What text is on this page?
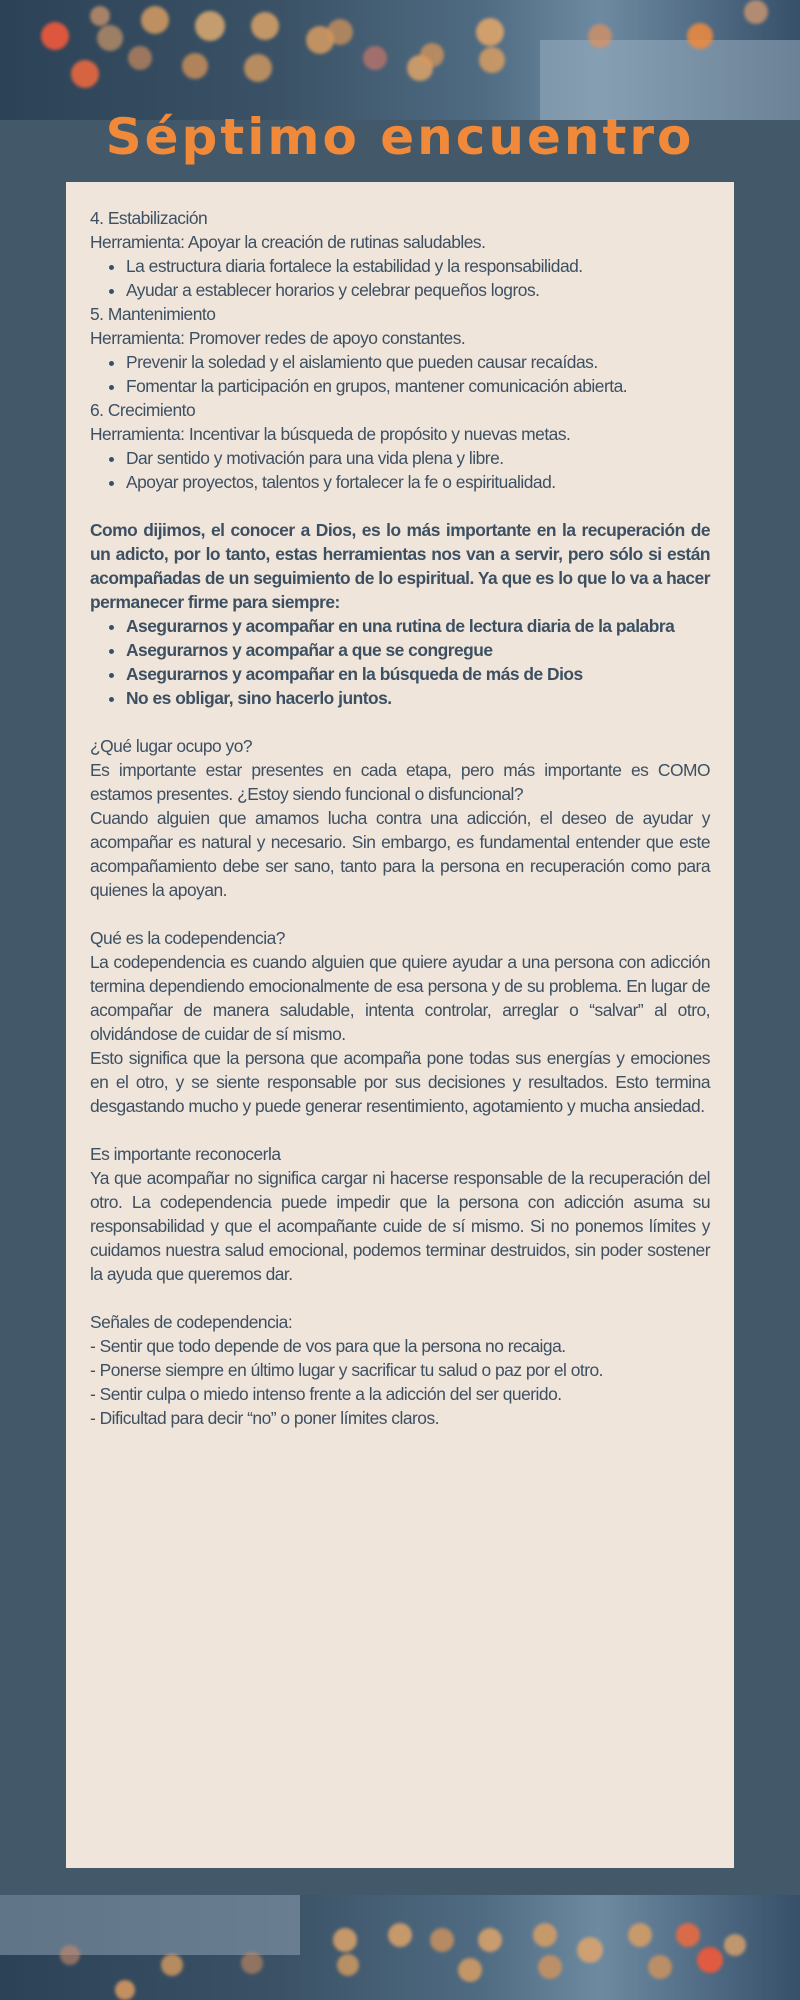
Séptimo encuentro

4. Estabilización

Herramienta: Apoyar la creación de rutinas saludables.

• La estructura diaria fortalece la estabilidad y la responsabilidad.
• Ayudar a establecer horarios y celebrar pequeños logros.

5. Mantenimiento

Herramienta: Promover redes de apoyo constantes.

• Prevenir la soledad y el aislamiento que pueden causar recaídas.
• Fomentar la participación en grupos, mantener comunicación abierta.

6. Crecimiento

Herramienta: Incentivar la búsqueda de propósito y nuevas metas.

• Dar sentido y motivación para una vida plena y libre.
• Apoyar proyectos, talentos y fortalecer la fe o espiritualidad.

Como dijimos, el conocer a Dios, es lo más importante en la recuperación de un adicto, por lo tanto, estas herramientas nos van a servir, pero sólo si están acompañadas de un seguimiento de lo espiritual. Ya que es lo que lo va a hacer permanecer firme para siempre:

• Asegurarnos y acompañar en una rutina de lectura diaria de la palabra
• Asegurarnos y acompañar a que se congregue
• Asegurarnos y acompañar en la búsqueda de más de Dios
• No es obligar, sino hacerlo juntos.

¿Qué lugar ocupo yo?

Es importante estar presentes en cada etapa, pero más importante es COMO estamos presentes. ¿Estoy siendo funcional o disfuncional?

Cuando alguien que amamos lucha contra una adicción, el deseo de ayudar y acompañar es natural y necesario. Sin embargo, es fundamental entender que este acompañamiento debe ser sano, tanto para la persona en recuperación como para quienes la apoyan.

Qué es la codependencia?

La codependencia es cuando alguien que quiere ayudar a una persona con adicción termina dependiendo emocionalmente de esa persona y de su problema. En lugar de acompañar de manera saludable, intenta controlar, arreglar o “salvar” al otro, olvidándose de cuidar de sí mismo.

Esto significa que la persona que acompaña pone todas sus energías y emociones en el otro, y se siente responsable por sus decisiones y resultados. Esto termina desgastando mucho y puede generar resentimiento, agotamiento y mucha ansiedad.

Es importante reconocerla

Ya que acompañar no significa cargar ni hacerse responsable de la recuperación del otro. La codependencia puede impedir que la persona con adicción asuma su responsabilidad y que el acompañante cuide de sí mismo. Si no ponemos límites y cuidamos nuestra salud emocional, podemos terminar destruidos, sin poder sostener la ayuda que queremos dar.

Señales de codependencia:

- Sentir que todo depende de vos para que la persona no recaiga.

- Ponerse siempre en último lugar y sacrificar tu salud o paz por el otro.

- Sentir culpa o miedo intenso frente a la adicción del ser querido.

- Dificultad para decir “no” o poner límites claros.
